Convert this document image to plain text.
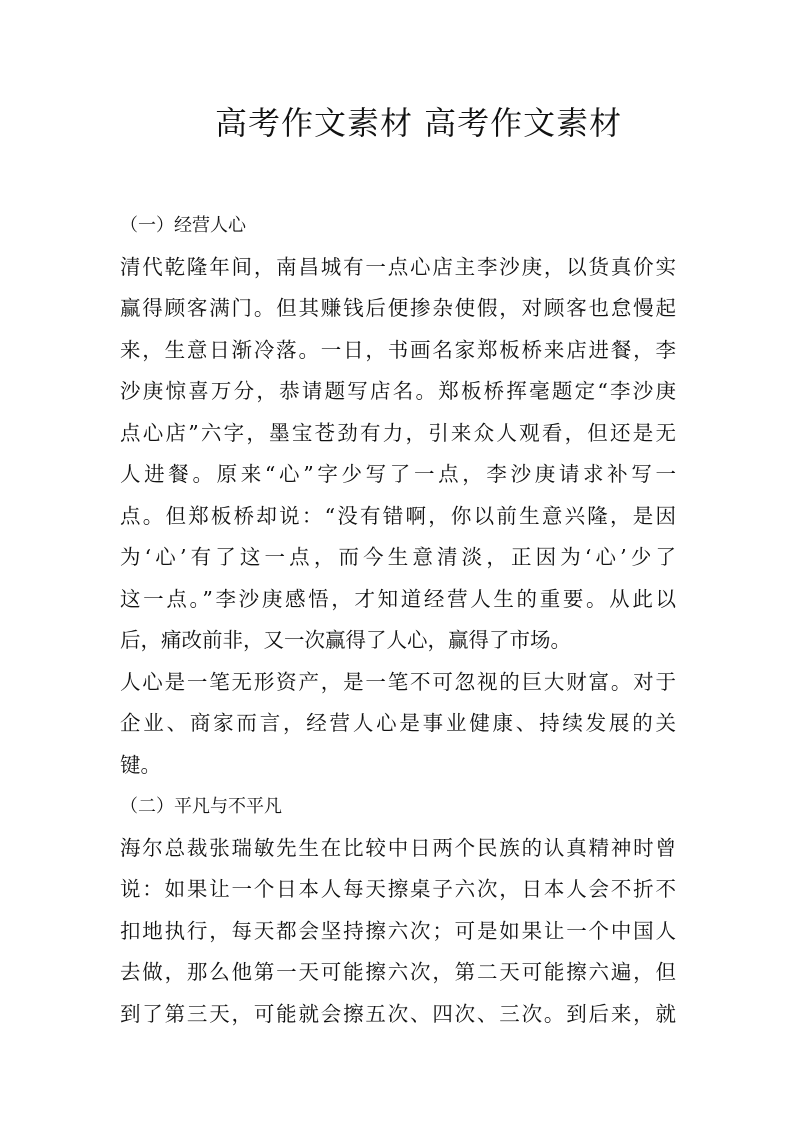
高考作文素材 高考作文素材

（一）经营人心

清代乾隆年间，南昌城有一点心店主李沙庚，以货真价实
赢得顾客满门。但其赚钱后便掺杂使假，对顾客也怠慢起
来，生意日渐冷落。一日，书画名家郑板桥来店进餐，李
沙庚惊喜万分，恭请题写店名。郑板桥挥毫题定“李沙庚
点心店”六字，墨宝苍劲有力，引来众人观看，但还是无
人进餐。原来“心”字少写了一点，李沙庚请求补写一
点。但郑板桥却说：“没有错啊，你以前生意兴隆，是因
为‘心’有了这一点，而今生意清淡，正因为‘心’少了
这一点。”李沙庚感悟，才知道经营人生的重要。从此以
后，痛改前非，又一次赢得了人心，赢得了市场。

人心是一笔无形资产，是一笔不可忽视的巨大财富。对于
企业、商家而言，经营人心是事业健康、持续发展的关
键。

（二）平凡与不平凡

海尔总裁张瑞敏先生在比较中日两个民族的认真精神时曾
说：如果让一个日本人每天擦桌子六次，日本人会不折不
扣地执行，每天都会坚持擦六次；可是如果让一个中国人
去做，那么他第一天可能擦六次，第二天可能擦六遍，但
到了第三天，可能就会擦五次、四次、三次。到后来，就
